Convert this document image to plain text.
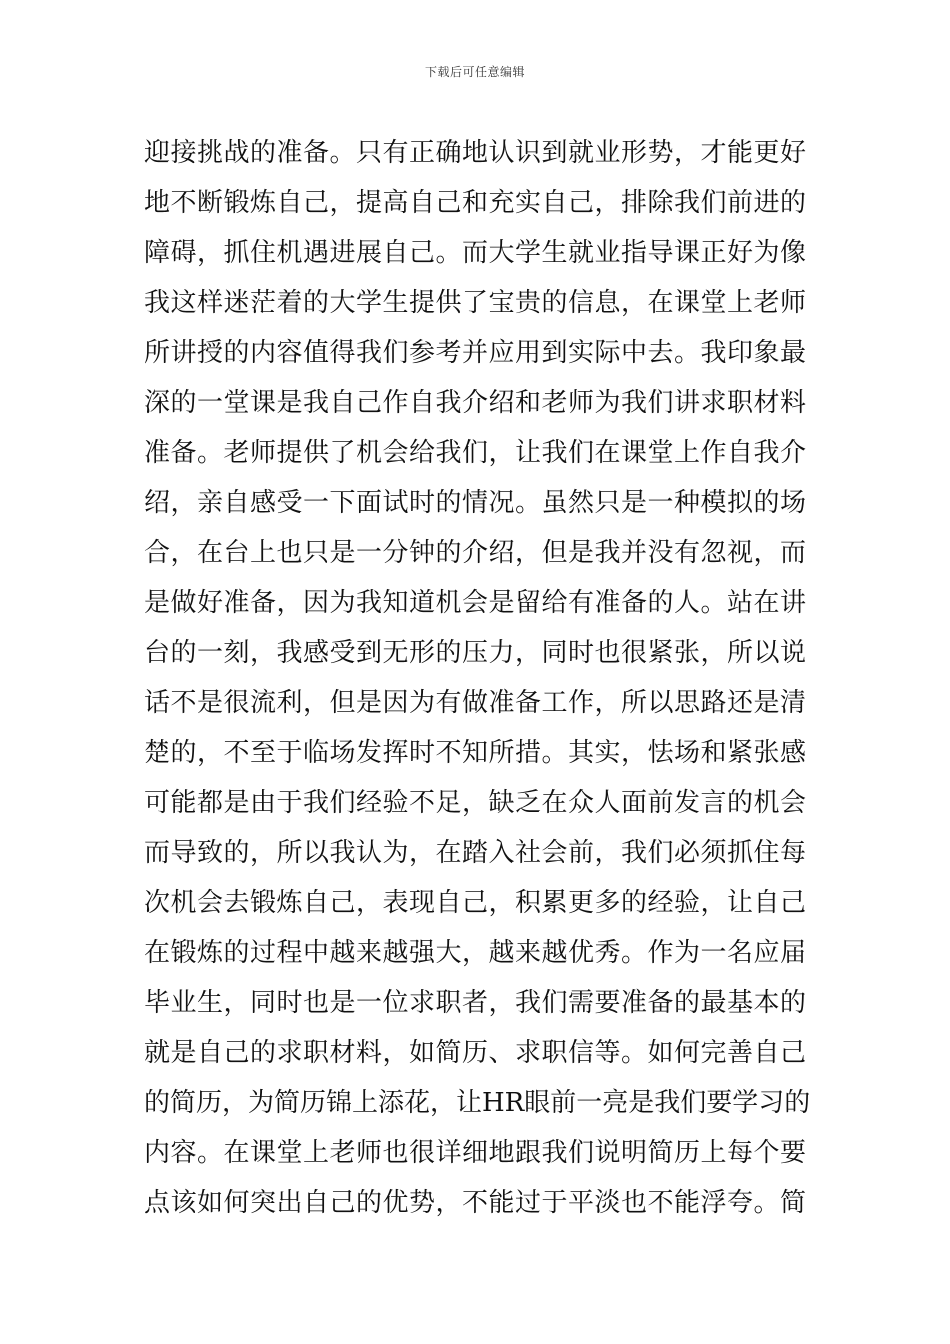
下载后可任意编辑
迎接挑战的准备。只有正确地认识到就业形势，才能更好
地不断锻炼自己，提高自己和充实自己，排除我们前进的
障碍，抓住机遇进展自己。而大学生就业指导课正好为像
我这样迷茫着的大学生提供了宝贵的信息，在课堂上老师
所讲授的内容值得我们参考并应用到实际中去。我印象最
深的一堂课是我自己作自我介绍和老师为我们讲求职材料
准备。老师提供了机会给我们，让我们在课堂上作自我介
绍，亲自感受一下面试时的情况。虽然只是一种模拟的场
合，在台上也只是一分钟的介绍，但是我并没有忽视，而
是做好准备，因为我知道机会是留给有准备的人。站在讲
台的一刻，我感受到无形的压力，同时也很紧张，所以说
话不是很流利，但是因为有做准备工作，所以思路还是清
楚的，不至于临场发挥时不知所措。其实，怯场和紧张感
可能都是由于我们经验不足，缺乏在众人面前发言的机会
而导致的，所以我认为，在踏入社会前，我们必须抓住每
次机会去锻炼自己，表现自己，积累更多的经验，让自己
在锻炼的过程中越来越强大，越来越优秀。作为一名应届
毕业生，同时也是一位求职者，我们需要准备的最基本的
就是自己的求职材料，如简历、求职信等。如何完善自己
的简历，为简历锦上添花，让HR眼前一亮是我们要学习的
内容。在课堂上老师也很详细地跟我们说明简历上每个要
点该如何突出自己的优势，不能过于平淡也不能浮夸。简
